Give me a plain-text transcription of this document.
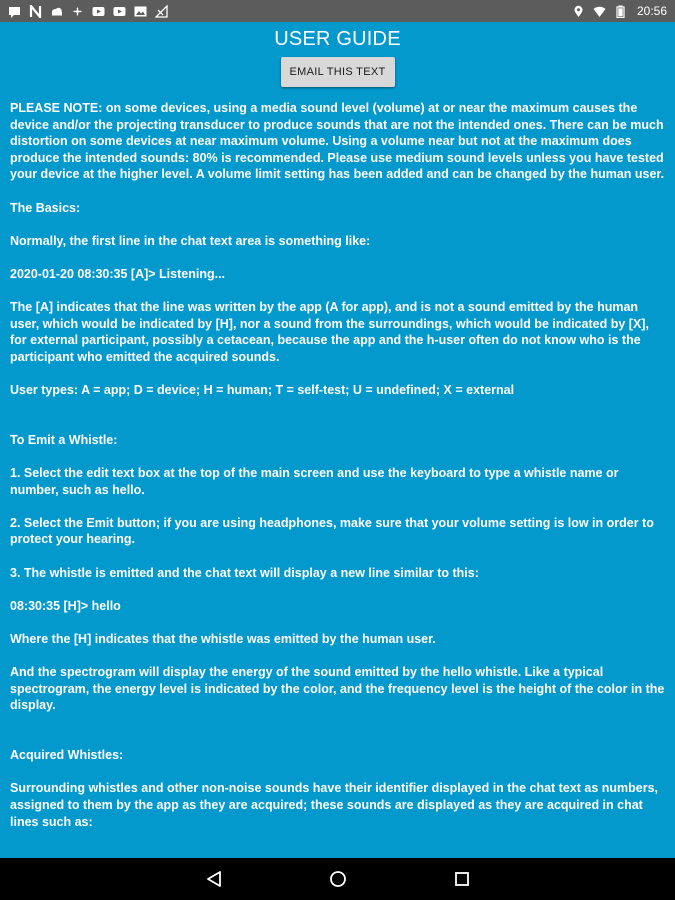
20:56
USER GUIDE
EMAIL THIS TEXT

PLEASE NOTE: on some devices, using a media sound level (volume) at or near the maximum causes the device and/or the projecting transducer to produce sounds that are not the intended ones. There can be much distortion on some devices at near maximum volume. Using a volume near but not at the maximum does produce the intended sounds: 80% is recommended. Please use medium sound levels unless you have tested your device at the higher level. A volume limit setting has been added and can be changed by the human user.

The Basics:

Normally, the first line in the chat text area is something like:

2020-01-20 08:30:35 [A]> Listening...

The [A] indicates that the line was written by the app (A for app), and is not a sound emitted by the human user, which would be indicated by [H], nor a sound from the surroundings, which would be indicated by [X], for external participant, possibly a cetacean, because the app and the h-user often do not know who is the participant who emitted the acquired sounds.

User types: A = app; D = device; H = human; T = self-test; U = undefined; X = external

To Emit a Whistle:

1. Select the edit text box at the top of the main screen and use the keyboard to type a whistle name or number, such as hello.

2. Select the Emit button; if you are using headphones, make sure that your volume setting is low in order to protect your hearing.

3. The whistle is emitted and the chat text will display a new line similar to this:

08:30:35 [H]> hello

Where the [H] indicates that the whistle was emitted by the human user.

And the spectrogram will display the energy of the sound emitted by the hello whistle. Like a typical spectrogram, the energy level is indicated by the color, and the frequency level is the height of the color in the display.

Acquired Whistles:

Surrounding whistles and other non-noise sounds have their identifier displayed in the chat text as numbers, assigned to them by the app as they are acquired; these sounds are displayed as they are acquired in chat lines such as:
